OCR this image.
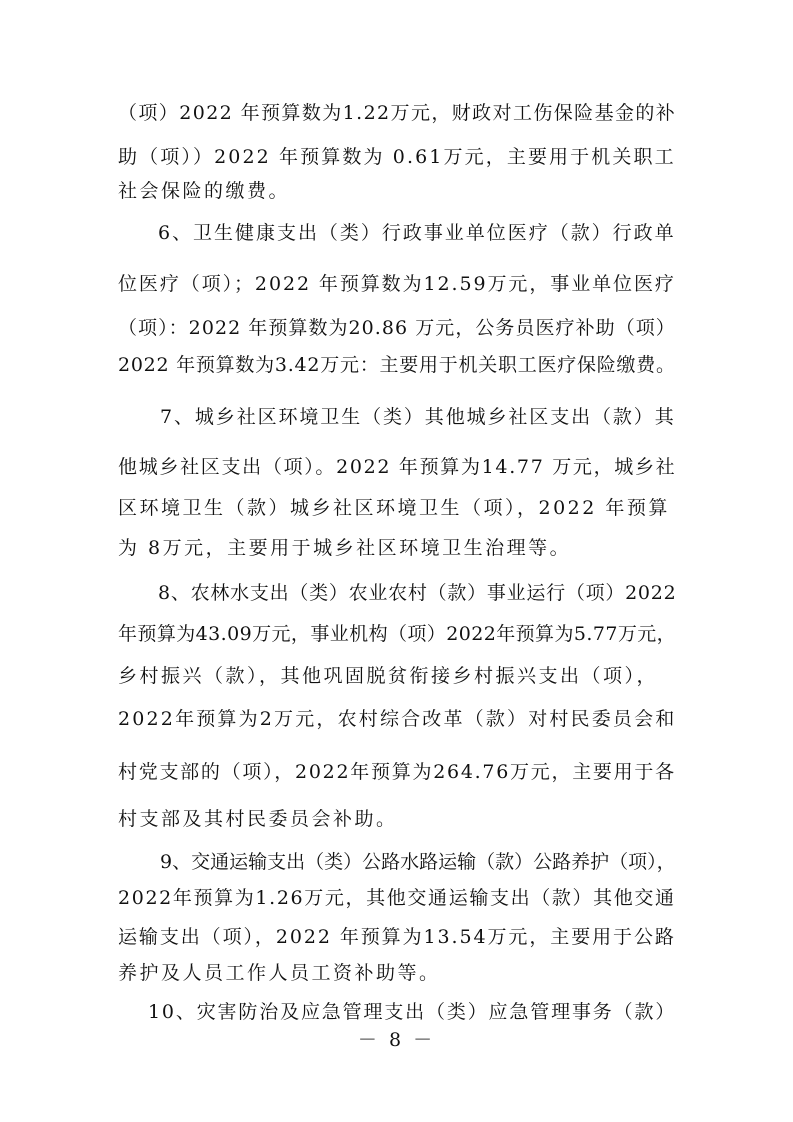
（项）2022 年预算数为1.22万元，财政对工伤保险基金的补
助（项））2022 年预算数为 0.61万元，主要用于机关职工
社会保险的缴费。
6、卫生健康支出（类）行政事业单位医疗（款）行政单
位医疗（项）；2022 年预算数为12.59万元，事业单位医疗
（项）：2022 年预算数为20.86 万元，公务员医疗补助（项）
2022 年预算数为3.42万元：主要用于机关职工医疗保险缴费。
7、城乡社区环境卫生（类）其他城乡社区支出（款）其
他城乡社区支出（项）。2022 年预算为14.77 万元，城乡社
区环境卫生（款）城乡社区环境卫生（项），2022 年预算
为 8万元，主要用于城乡社区环境卫生治理等。
8、农林水支出（类）农业农村（款）事业运行（项）2022
年预算为43.09万元，事业机构（项）2022年预算为5.77万元，
乡村振兴（款），其他巩固脱贫衔接乡村振兴支出（项），
2022年预算为2万元，农村综合改革（款）对村民委员会和
村党支部的（项），2022年预算为264.76万元，主要用于各
村支部及其村民委员会补助。
9、交通运输支出（类）公路水路运输（款）公路养护（项），
2022年预算为1.26万元，其他交通运输支出（款）其他交通
运输支出（项），2022 年预算为13.54万元，主要用于公路
养护及人员工作人员工资补助等。
10、灾害防治及应急管理支出（类）应急管理事务（款）
－ 8 －
